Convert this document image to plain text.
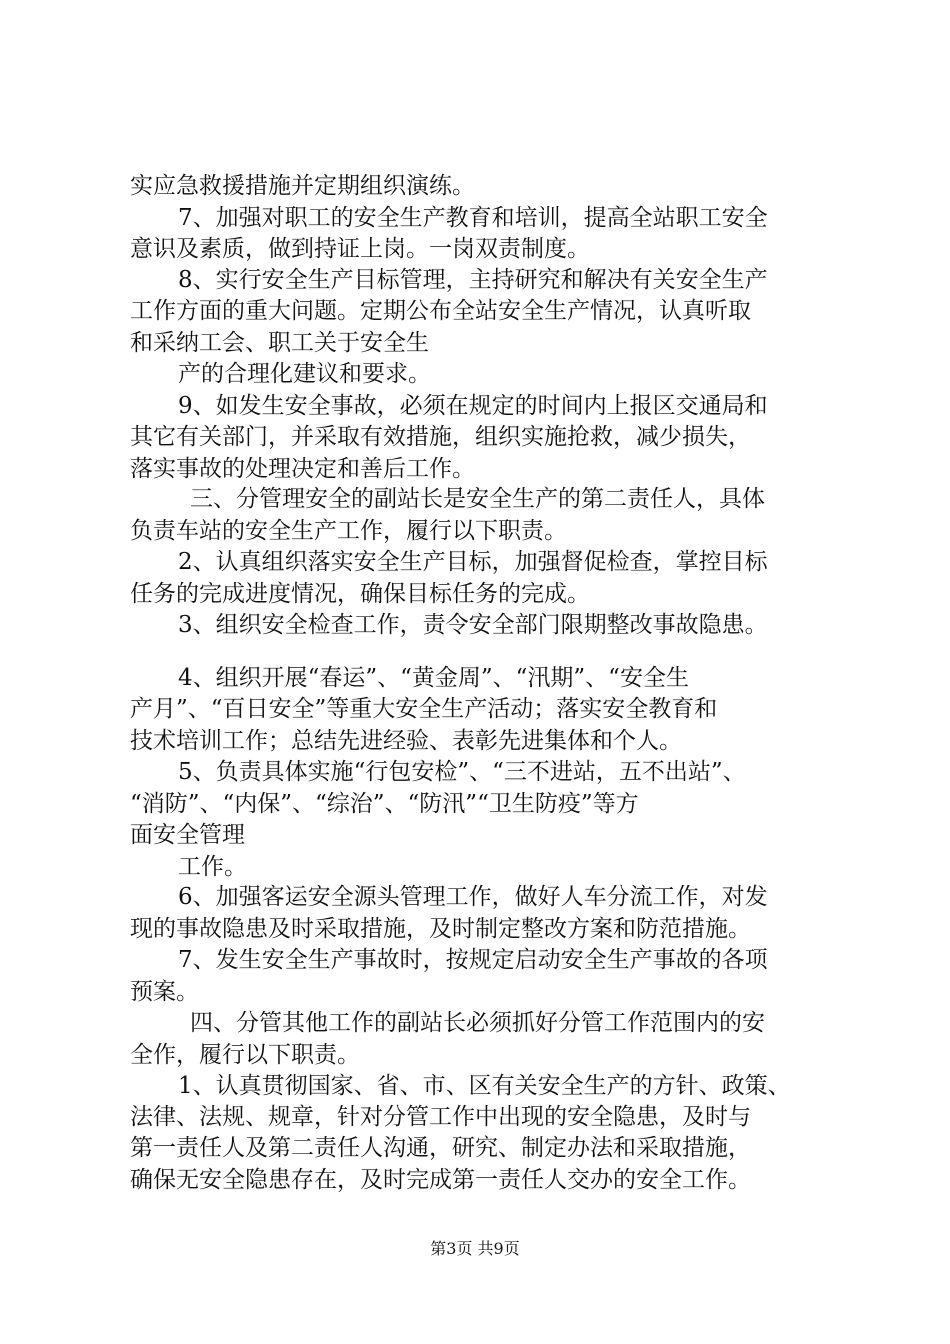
实应急救援措施并定期组织演练。
7、加强对职工的安全生产教育和培训，提高全站职工安全
意识及素质，做到持证上岗。一岗双责制度。
8、实行安全生产目标管理，主持研究和解决有关安全生产
工作方面的重大问题。定期公布全站安全生产情况，认真听取
和采纳工会、职工关于安全生
产的合理化建议和要求。
9、如发生安全事故，必须在规定的时间内上报区交通局和
其它有关部门，并采取有效措施，组织实施抢救，减少损失，
落实事故的处理决定和善后工作。
三、分管理安全的副站长是安全生产的第二责任人，具体
负责车站的安全生产工作，履行以下职责。
2、认真组织落实安全生产目标，加强督促检查，掌控目标
任务的完成进度情况，确保目标任务的完成。
3、组织安全检查工作，责令安全部门限期整改事故隐患。
4、组织开展“春运”、“黄金周”、“汛期”、“安全生
产月”、“百日安全”等重大安全生产活动；落实安全教育和
技术培训工作；总结先进经验、表彰先进集体和个人。
5、负责具体实施“行包安检”、“三不进站，五不出站”、
“消防”、“内保”、“综治”、“防汛”“卫生防疫”等方
面安全管理
工作。
6、加强客运安全源头管理工作，做好人车分流工作，对发
现的事故隐患及时采取措施，及时制定整改方案和防范措施。
7、发生安全生产事故时，按规定启动安全生产事故的各项
预案。
四、分管其他工作的副站长必须抓好分管工作范围内的安
全作，履行以下职责。
1、认真贯彻国家、省、市、区有关安全生产的方针、政策、
法律、法规、规章，针对分管工作中出现的安全隐患，及时与
第一责任人及第二责任人沟通，研究、制定办法和采取措施，
确保无安全隐患存在，及时完成第一责任人交办的安全工作。
第3页 共9页
